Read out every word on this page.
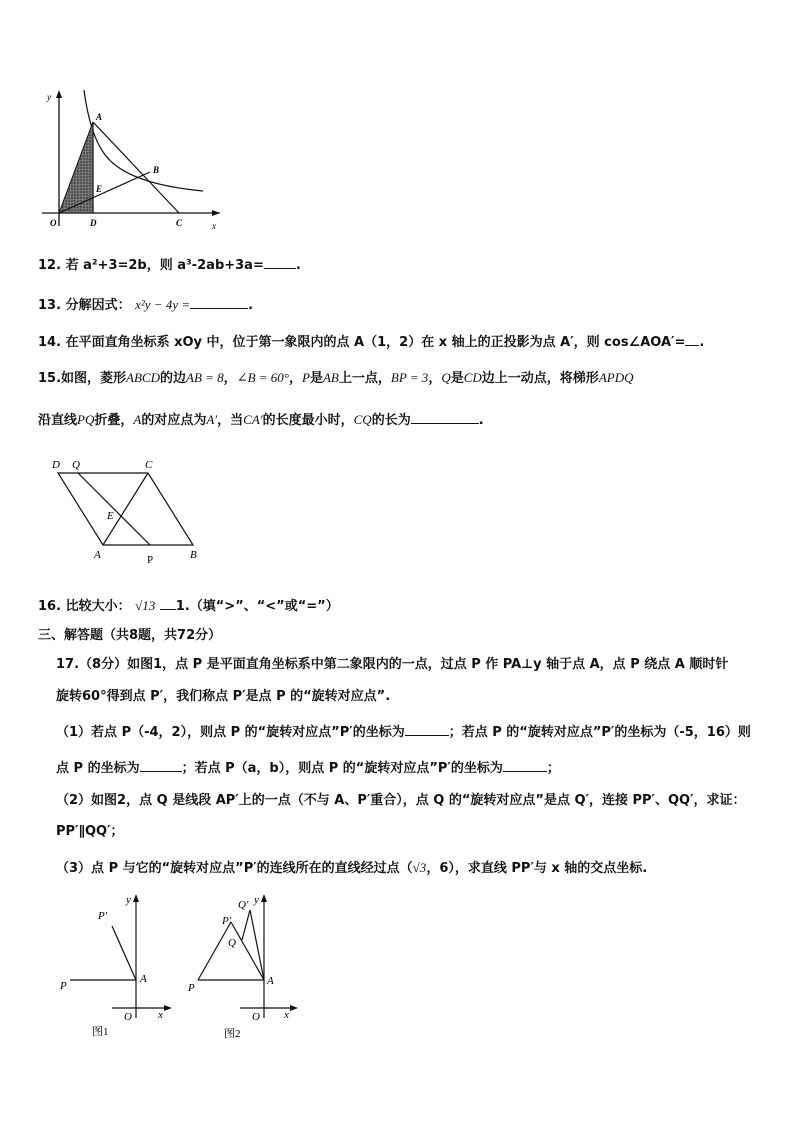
y
x
O
A
B
C
D
E
12. 若 a²+3=2b，则 a³-2ab+3a= .
13. 分解因式： x²y − 4y =	.
14. 在平面直角坐标系 xOy 中，位于第一象限内的点 A（1，2）在 x 轴上的正投影为点 A′，则 cos∠AOA′= .
15.如图，菱形ABCD的边AB = 8，∠B = 60°，P是AB上一点，BP = 3，Q是CD边上一动点，将梯形APDQ
沿直线PQ折叠，A的对应点为A′，当CA′的长度最小时，CQ的长为	.
D Q	C
E
A	P	B
16. 比较大小： √13 1.（填“>”、“<”或“=”）
三、解答题（共8题，共72分）
17.（8分）如图1，点 P 是平面直角坐标系中第二象限内的一点，过点 P 作 PA⊥y 轴于点 A，点 P 绕点 A 顺时针
旋转60°得到点 P′，我们称点 P′是点 P 的“旋转对应点”.
（1）若点 P（-4，2），则点 P 的“旋转对应点”P′的坐标为	；若点 P 的“旋转对应点”P′的坐标为（-5，16）则
点 P 的坐标为	；若点 P（a，b），则点 P 的“旋转对应点”P′的坐标为	；
（2）如图2，点 Q 是线段 AP′上的一点（不与 A、P′重合），点 Q 的“旋转对应点”是点 Q′，连接 PP′、QQ′，求证：
PP′∥QQ′；
（3）点 P 与它的“旋转对应点”P′的连线所在的直线经过点（√3，6），求直线 PP′与 x 轴的交点坐标.
y
x
O
P
P′
A
图1
y
x
O
P
P′
Q′
Q
A
图2
